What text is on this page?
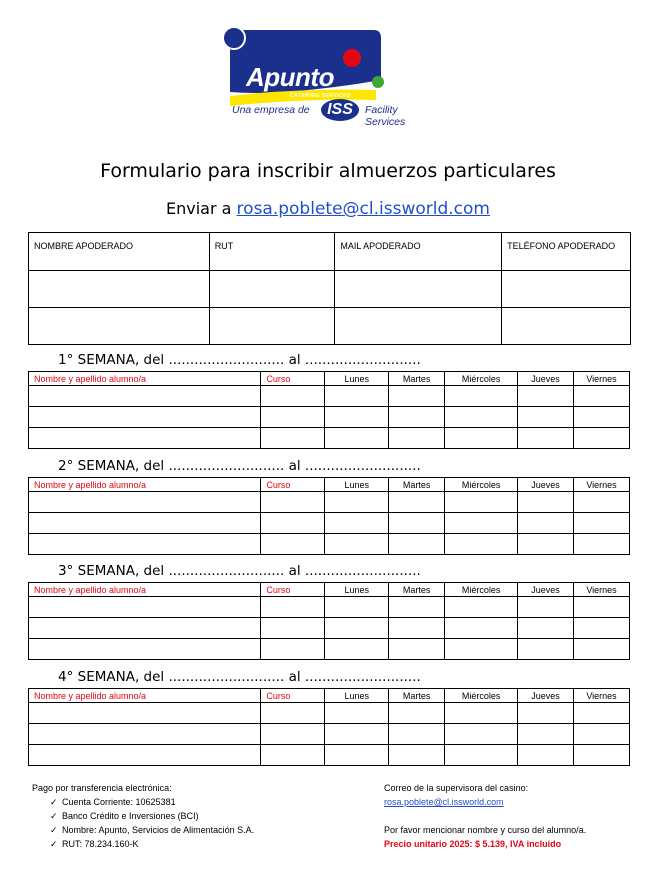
Apunto
CATERING SERVICES
Una empresa de	ISS	Facility Services
Formulario para inscribir almuerzos particulares
Enviar a rosa.poblete@cl.issworld.com
NOMBRE APODERADO	RUT	MAIL APODERADO	TELÉFONO APODERADO

1° SEMANA, del ........................... al ...........................
Nombre y apellido alumno/a	Curso	Lunes	Martes	Miércoles	Jueves	Viernes

2° SEMANA, del ........................... al ...........................
Nombre y apellido alumno/a	Curso	Lunes	Martes	Miércoles	Jueves	Viernes

3° SEMANA, del ........................... al ...........................
Nombre y apellido alumno/a	Curso	Lunes	Martes	Miércoles	Jueves	Viernes

4° SEMANA, del ........................... al ...........................
Nombre y apellido alumno/a	Curso	Lunes	Martes	Miércoles	Jueves	Viernes

Pago por transferencia electrónica:
✓ Cuenta Corriente: 10625381
✓ Banco Crédito e Inversiones (BCI)
✓ Nombre: Apunto, Servicios de Alimentación S.A.
✓ RUT: 78.234.160-K
Correo de la supervisora del casino:
rosa.poblete@cl.issworld.com
Por favor mencionar nombre y curso del alumno/a.
Precio unitario 2025: $ 5.139, IVA incluido
